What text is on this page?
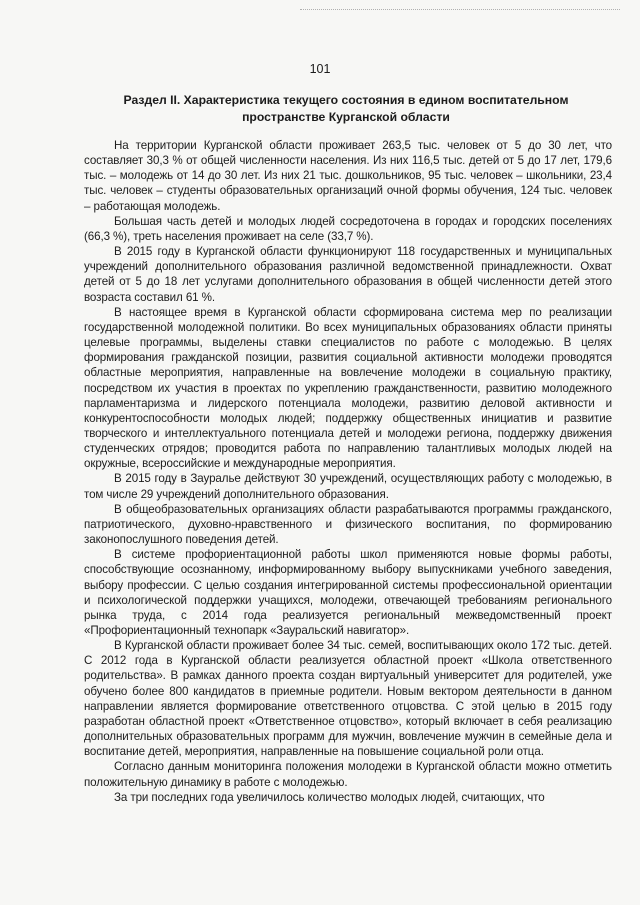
101
Раздел II. Характеристика текущего состояния в едином воспитательном
пространстве Курганской области

На территории Курганской области проживает 263,5 тыс. человек от 5 до 30 лет, что составляет 30,3 % от общей численности населения. Из них 116,5 тыс. детей от 5 до 17 лет, 179,6 тыс. – молодежь от 14 до 30 лет. Из них 21 тыс. дошкольников, 95 тыс. человек – школьники, 23,4 тыс. человек – студенты образовательных организаций очной формы обучения, 124 тыс. человек – работающая молодежь.

Большая часть детей и молодых людей сосредоточена в городах и городских поселениях (66,3 %), треть населения проживает на селе (33,7 %).

В 2015 году в Курганской области функционируют 118 государственных и муниципальных учреждений дополнительного образования различной ведомственной принадлежности. Охват детей от 5 до 18 лет услугами дополнительного образования в общей численности детей этого возраста составил 61 %.

В настоящее время в Курганской области сформирована система мер по реализации государственной молодежной политики. Во всех муниципальных образованиях области приняты целевые программы, выделены ставки специалистов по работе с молодежью. В целях формирования гражданской позиции, развития социальной активности молодежи проводятся областные мероприятия, направленные на вовлечение молодежи в социальную практику, посредством их участия в проектах по укреплению гражданственности, развитию молодежного парламентаризма и лидерского потенциала молодежи, развитию деловой активности и конкурентоспособности молодых людей; поддержку общественных инициатив и развитие творческого и интеллектуального потенциала детей и молодежи региона, поддержку движения студенческих отрядов; проводится работа по направлению талантливых молодых людей на окружные, всероссийские и международные мероприятия.

В 2015 году в Зауралье действуют 30 учреждений, осуществляющих работу с молодежью, в том числе 29 учреждений дополнительного образования.

В общеобразовательных организациях области разрабатываются программы гражданского, патриотического, духовно-нравственного и физического воспитания, по формированию законопослушного поведения детей.

В системе профориентационной работы школ применяются новые формы работы, способствующие осознанному, информированному выбору выпускниками учебного заведения, выбору профессии. С целью создания интегрированной системы профессиональной ориентации и психологической поддержки учащихся, молодежи, отвечающей требованиям регионального рынка труда, с 2014 года реализуется региональный межведомственный проект «Профориентационный технопарк «Зауральский навигатор».

В Курганской области проживает более 34 тыс. семей, воспитывающих около 172 тыс. детей. С 2012 года в Курганской области реализуется областной проект «Школа ответственного родительства». В рамках данного проекта создан виртуальный университет для родителей, уже обучено более 800 кандидатов в приемные родители. Новым вектором деятельности в данном направлении является формирование ответственного отцовства. С этой целью в 2015 году разработан областной проект «Ответственное отцовство», который включает в себя реализацию дополнительных образовательных программ для мужчин, вовлечение мужчин в семейные дела и воспитание детей, мероприятия, направленные на повышение социальной роли отца.

Согласно данным мониторинга положения молодежи в Курганской области можно отметить положительную динамику в работе с молодежью.

За три последних года увеличилось количество молодых людей, считающих, что
